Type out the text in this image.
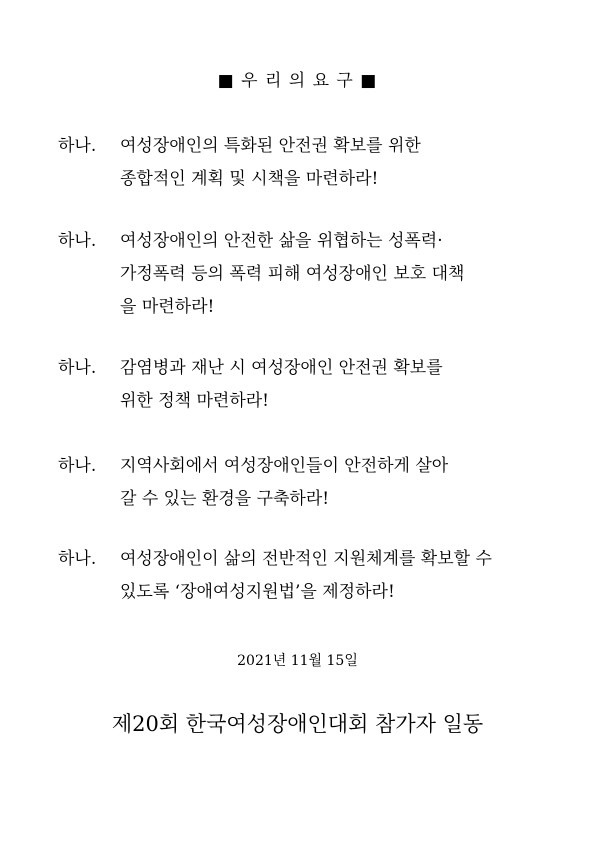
■ 우 리 의 요 구 ■
하나. 여성장애인의 특화된 안전권 확보를 위한
종합적인 계획 및 시책을 마련하라!
하나. 여성장애인의 안전한 삶을 위협하는 성폭력·
가정폭력 등의 폭력 피해 여성장애인 보호 대책
을 마련하라!
하나. 감염병과 재난 시 여성장애인 안전권 확보를
위한 정책 마련하라!
하나. 지역사회에서 여성장애인들이 안전하게 살아
갈 수 있는 환경을 구축하라!
하나. 여성장애인이 삶의 전반적인 지원체계를 확보할 수
있도록 ‘장애여성지원법’을 제정하라!
2021년 11월 15일
제20회 한국여성장애인대회 참가자 일동
